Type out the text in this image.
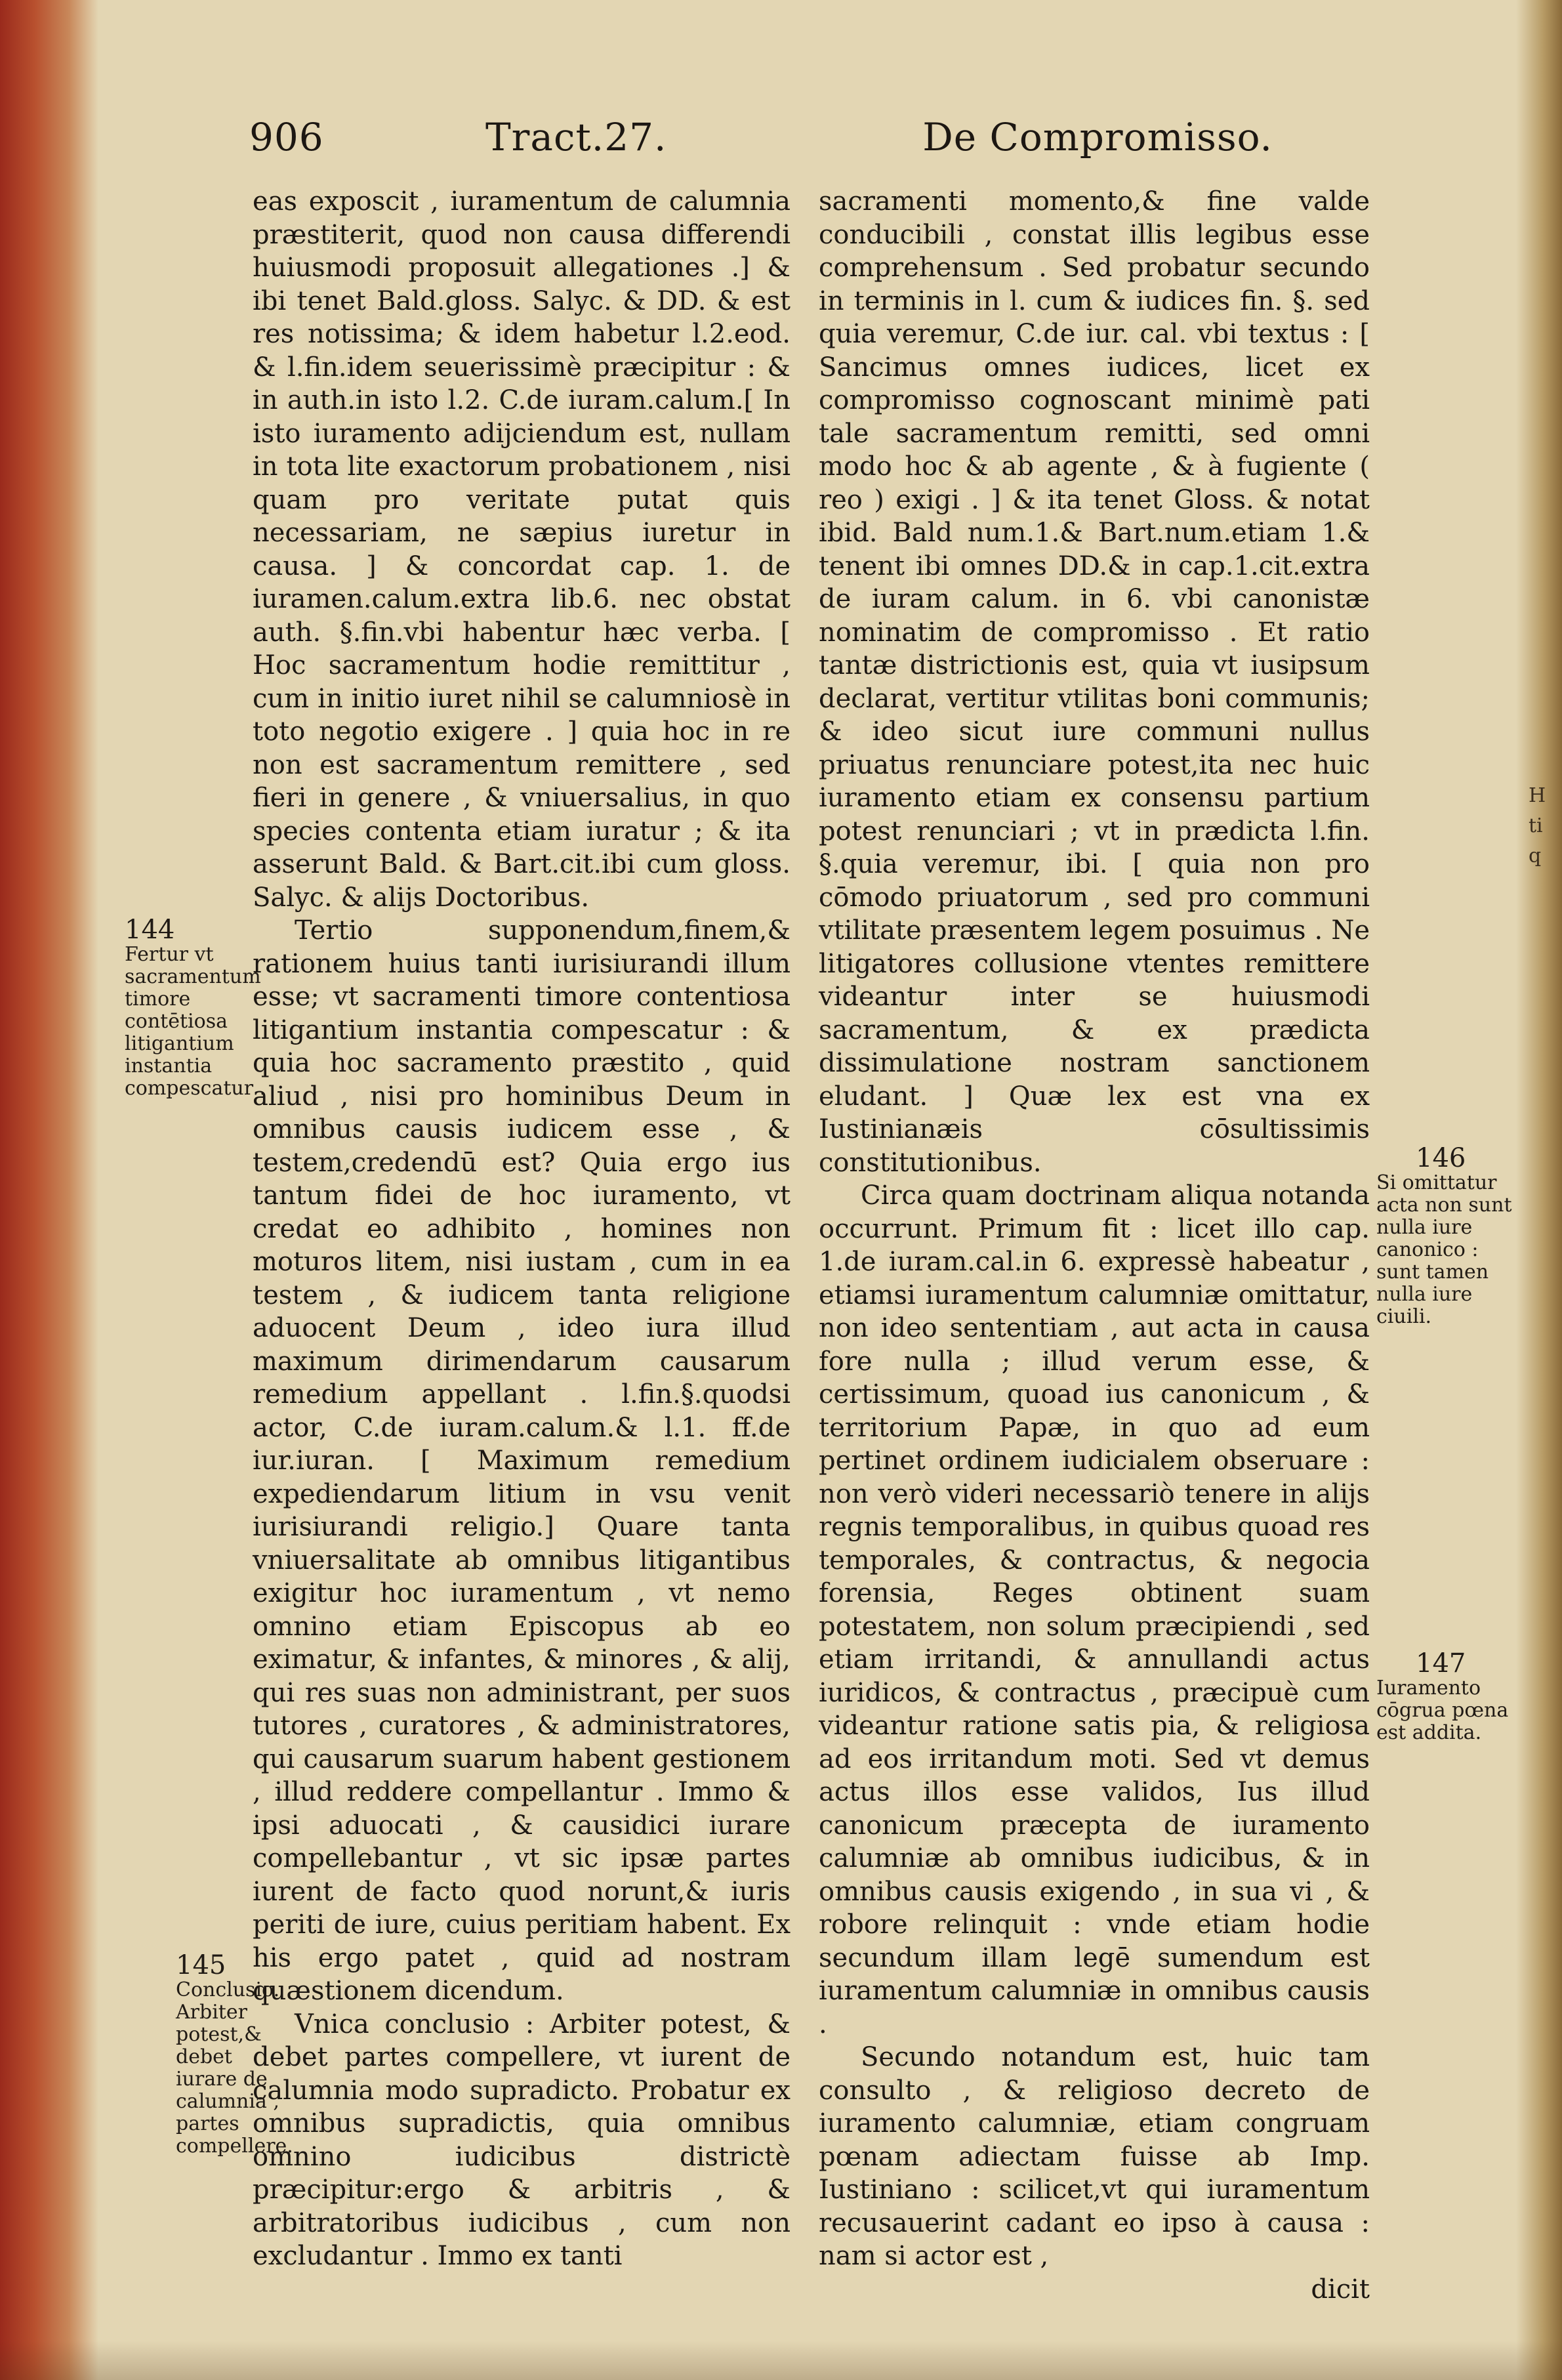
906	Tract.27.	De Compromisso.

eas exposcit , iuramentum de calumnia præstiterit, quod non causa differendi huiusmodi proposuit allegationes .] & ibi tenet Bald.gloss. Salyc. & DD. & est res notissima; & idem habetur l.2.eod. & l.fin.idem seuerissimè præcipitur : & in auth.in isto l.2. C.de iuram.calum.[ In isto iuramento adijciendum est, nullam in tota lite exactorum probationem , nisi quam pro veritate putat quis necessariam, ne sæpius iuretur in causa. ] & concordat cap. 1. de iuramen.calum.extra lib.6. nec obstat auth. §.fin.vbi habentur hæc verba. [ Hoc sacramentum hodie remittitur , cum in initio iuret nihil se calumniosè in toto negotio exigere . ] quia hoc in re non est sacramentum remittere , sed fieri in genere , & vniuersalius, in quo species contenta etiam iuratur ; & ita asserunt Bald. & Bart.cit.ibi cum gloss. Salyc. & alijs Doctoribus.

Tertio supponendum,finem,& rationem huius tanti iurisiurandi illum esse; vt sacramenti timore contentiosa litigantium instantia compescatur : & quia hoc sacramento præstito , quid aliud , nisi pro hominibus Deum in omnibus causis iudicem esse , & testem,credendū est? Quia ergo ius tantum fidei de hoc iuramento, vt credat eo adhibito , homines non moturos litem, nisi iustam , cum in ea testem , & iudicem tanta religione aduocent Deum , ideo iura illud maximum dirimendarum causarum remedium appellant . l.fin.§.quodsi actor, C.de iuram.calum.& l.1. ff.de iur.iuran. [ Maximum remedium expediendarum litium in vsu venit iurisiurandi religio.] Quare tanta vniuersalitate ab omnibus litigantibus exigitur hoc iuramentum , vt nemo omnino etiam Episcopus ab eo eximatur, & infantes, & minores , & alij, qui res suas non administrant, per suos tutores , curatores , & administratores, qui causarum suarum habent gestionem , illud reddere compellantur . Immo & ipsi aduocati , & causidici iurare compellebantur , vt sic ipsæ partes iurent de facto quod norunt,& iuris periti de iure, cuius peritiam habent. Ex his ergo patet , quid ad nostram quæstionem dicendum.

Vnica conclusio : Arbiter potest, & debet partes compellere, vt iurent de calumnia modo supradicto. Probatur ex omnibus supradictis, quia omnibus omnino iudicibus districtè præcipitur:ergo & arbitris , & arbitratoribus iudicibus , cum non excludantur . Immo ex tanti

sacramenti momento,& fine valde conducibili , constat illis legibus esse comprehensum . Sed probatur secundo in terminis in l. cum & iudices fin. §. sed quia veremur, C.de iur. cal. vbi textus : [ Sancimus omnes iudices, licet ex compromisso cognoscant minimè pati tale sacramentum remitti, sed omni modo hoc & ab agente , & à fugiente ( reo ) exigi . ] & ita tenet Gloss. & notat ibid. Bald num.1.& Bart.num.etiam 1.& tenent ibi omnes DD.& in cap.1.cit.extra de iuram calum. in 6. vbi canonistæ nominatim de compromisso . Et ratio tantæ districtionis est, quia vt iusipsum declarat, vertitur vtilitas boni communis; & ideo sicut iure communi nullus priuatus renunciare potest,ita nec huic iuramento etiam ex consensu partium potest renunciari ; vt in prædicta l.fin. §.quia veremur, ibi. [ quia non pro cōmodo priuatorum , sed pro communi vtilitate præsentem legem posuimus . Ne litigatores collusione vtentes remittere videantur inter se huiusmodi sacramentum, & ex prædicta dissimulatione nostram sanctionem eludant. ] Quæ lex est vna ex Iustinianæis cōsultissimis constitutionibus.

Circa quam doctrinam aliqua notanda occurrunt. Primum fit : licet illo cap. 1.de iuram.cal.in 6. expressè habeatur , etiamsi iuramentum calumniæ omittatur, non ideo sententiam , aut acta in causa fore nulla ; illud verum esse, & certissimum, quoad ius canonicum , & territorium Papæ, in quo ad eum pertinet ordinem iudicialem obseruare : non verò videri necessariò tenere in alijs regnis temporalibus, in quibus quoad res temporales, & contractus, & negocia forensia, Reges obtinent suam potestatem, non solum præcipiendi , sed etiam irritandi, & annullandi actus iuridicos, & contractus , præcipuè cum videantur ratione satis pia, & religiosa ad eos irritandum moti. Sed vt demus actus illos esse validos, Ius illud canonicum præcepta de iuramento calumniæ ab omnibus iudicibus, & in omnibus causis exigendo , in sua vi , & robore relinquit : vnde etiam hodie secundum illam legē sumendum est iuramentum calumniæ in omnibus causis .

Secundo notandum est, huic tam consulto , & religioso decreto de iuramento calumniæ, etiam congruam pœnam adiectam fuisse ab Imp. Iustiniano : scilicet,vt qui iuramentum recusauerint cadant eo ipso à causa : nam si actor est ,

dicit

144
Fertur vt sacramentum timore contētiosa litigantium instantia compescatur .
145
Conclusio. Arbiter potest,& debet iurare de calumnia , partes compellere.
146
Si omittatur acta non sunt nulla iure canonico : sunt tamen nulla iure ciuili.
147
Iuramento cōgrua pœna est addita.
H ti q
